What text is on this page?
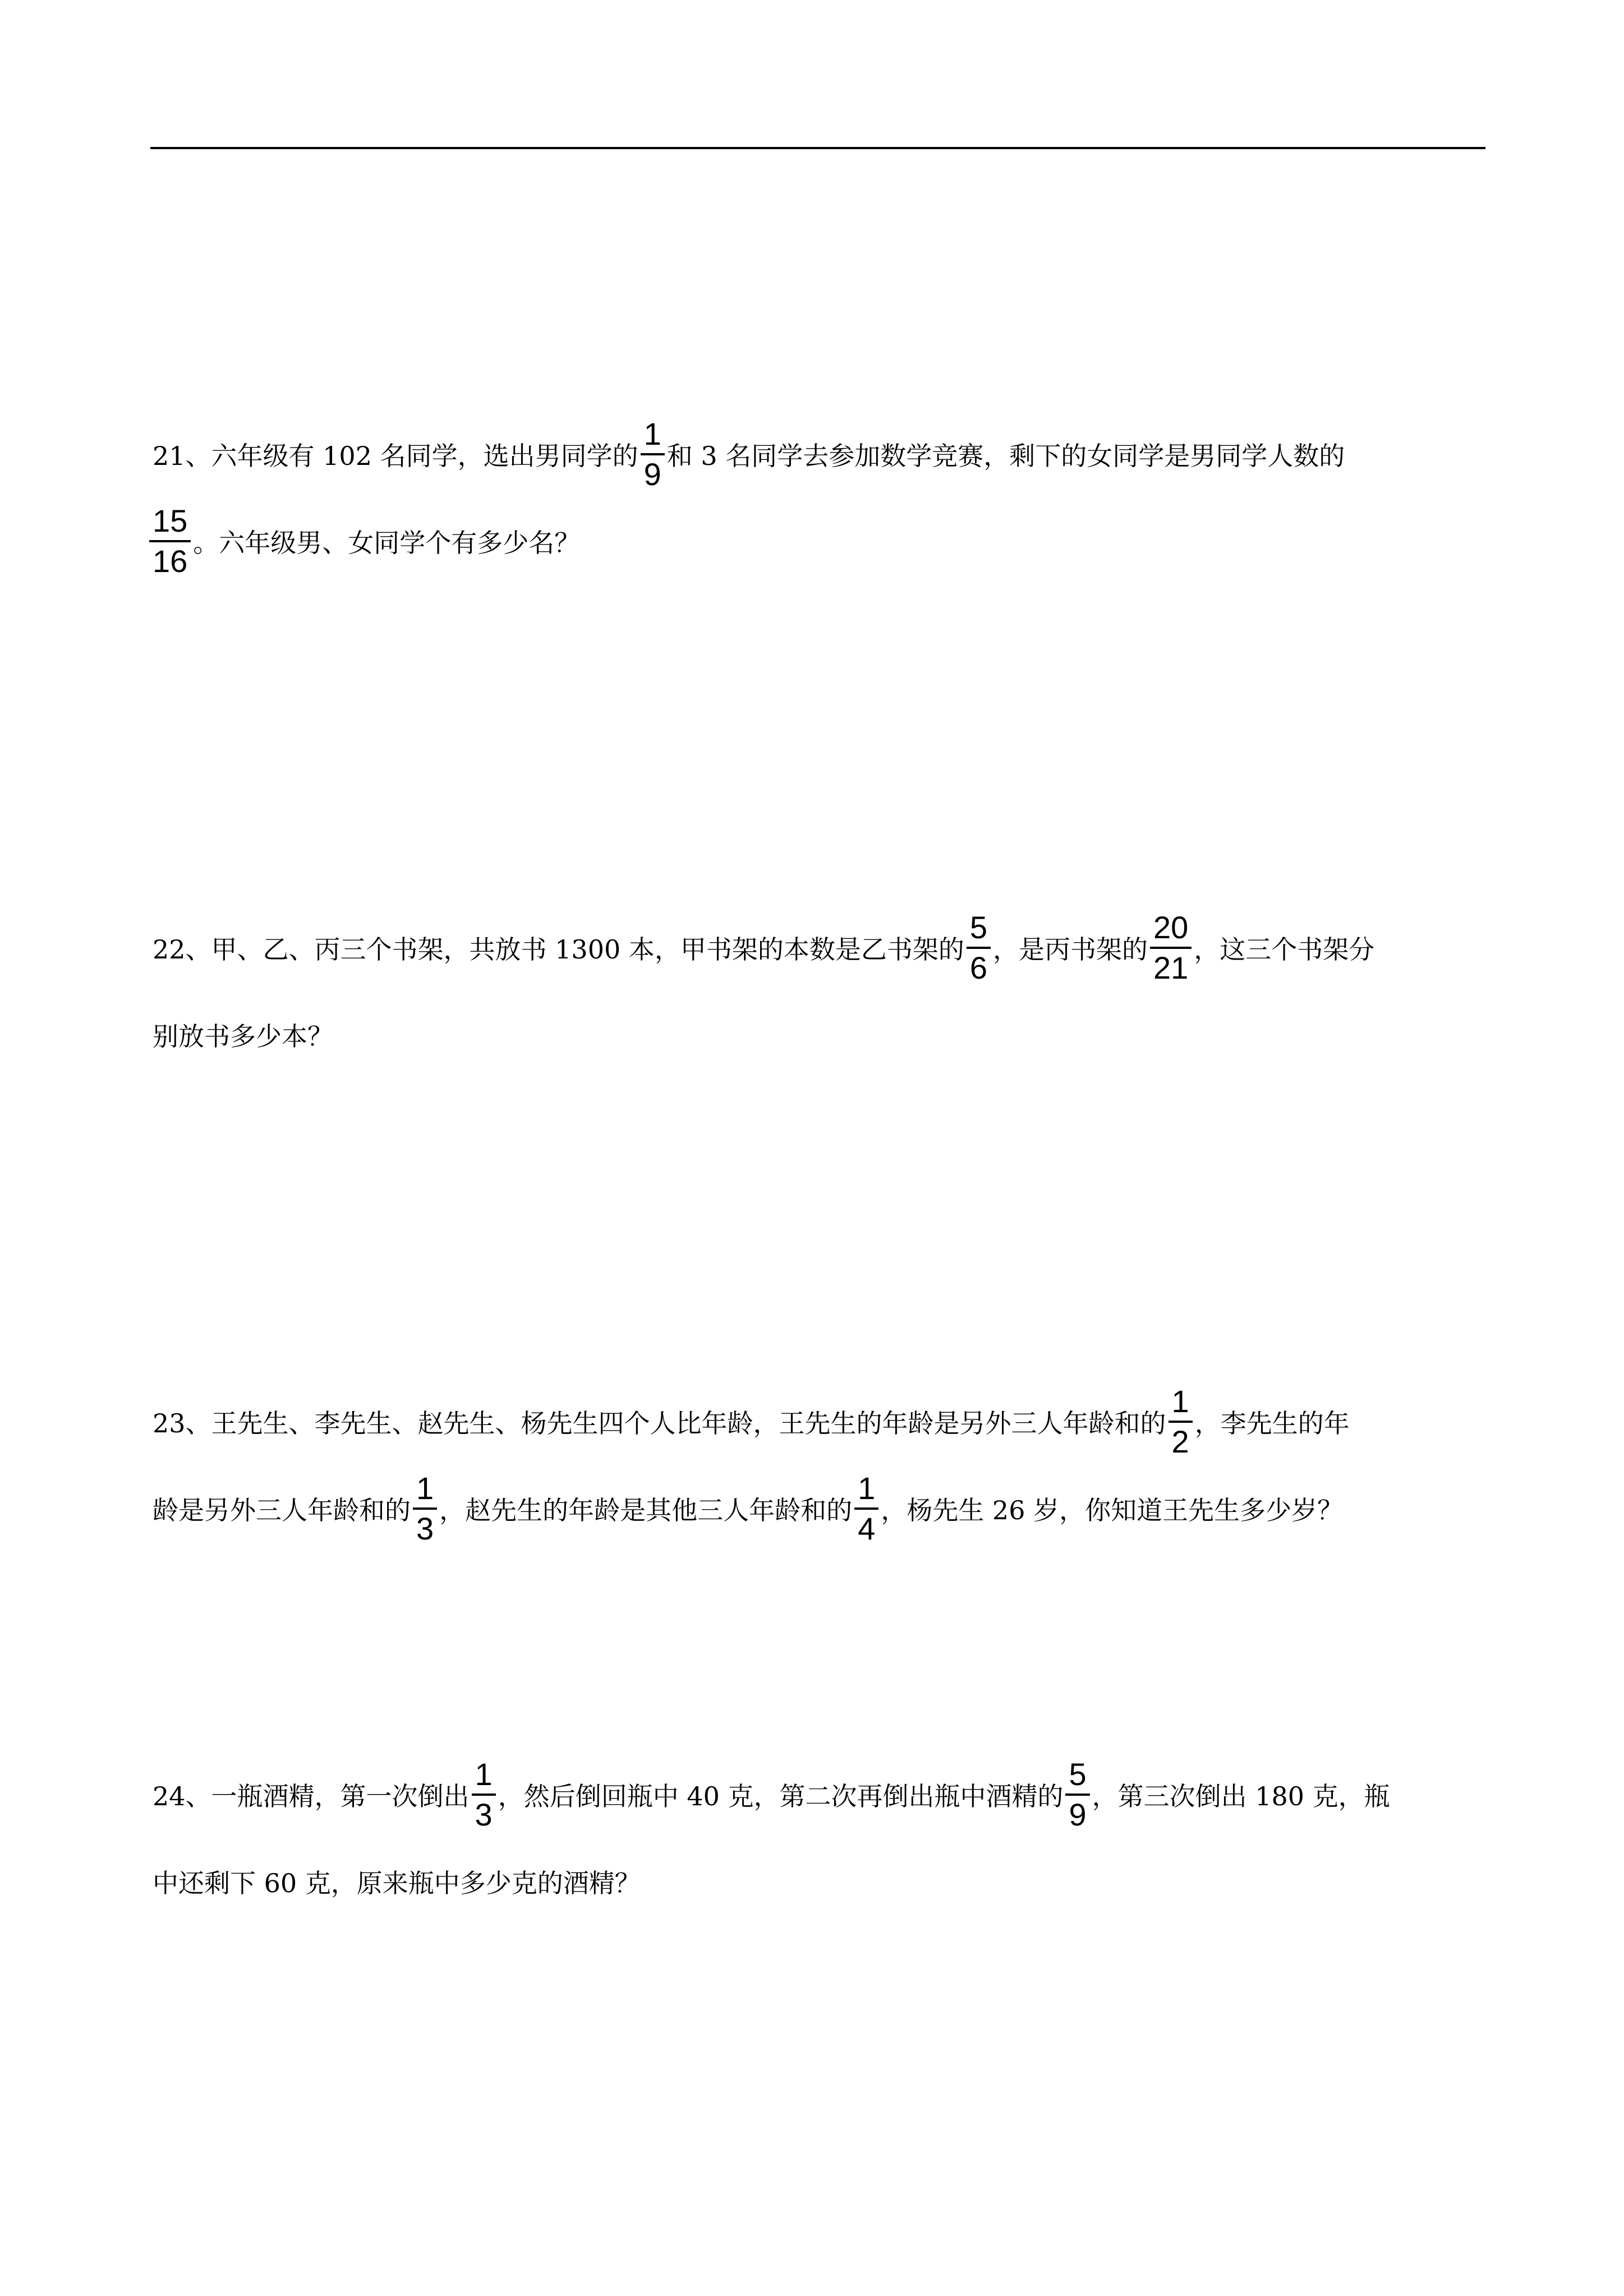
21、六年级有 102 名同学，选出男同学的 $\frac{1}{9}$ 和 3 名同学去参加数学竞赛，剩下的女同学是男同学人数的
$\frac{15}{16}$ 。六年级男、女同学个有多少名？
22、甲、乙、丙三个书架，共放书 1300 本，甲书架的本数是乙书架的 $\frac{5}{6}$ ，是丙书架的 $\frac{20}{21}$ ，这三个书架分
别放书多少本？
23、王先生、李先生、赵先生、杨先生四个人比年龄，王先生的年龄是另外三人年龄和的 $\frac{1}{2}$ ，李先生的年
龄是另外三人年龄和的 $\frac{1}{3}$ ，赵先生的年龄是其他三人年龄和的 $\frac{1}{4}$ ，杨先生 26 岁，你知道王先生多少岁？
24、一瓶酒精，第一次倒出 $\frac{1}{3}$ ，然后倒回瓶中 40 克，第二次再倒出瓶中酒精的 $\frac{5}{9}$ ，第三次倒出 180 克，瓶
中还剩下 60 克，原来瓶中多少克的酒精？
